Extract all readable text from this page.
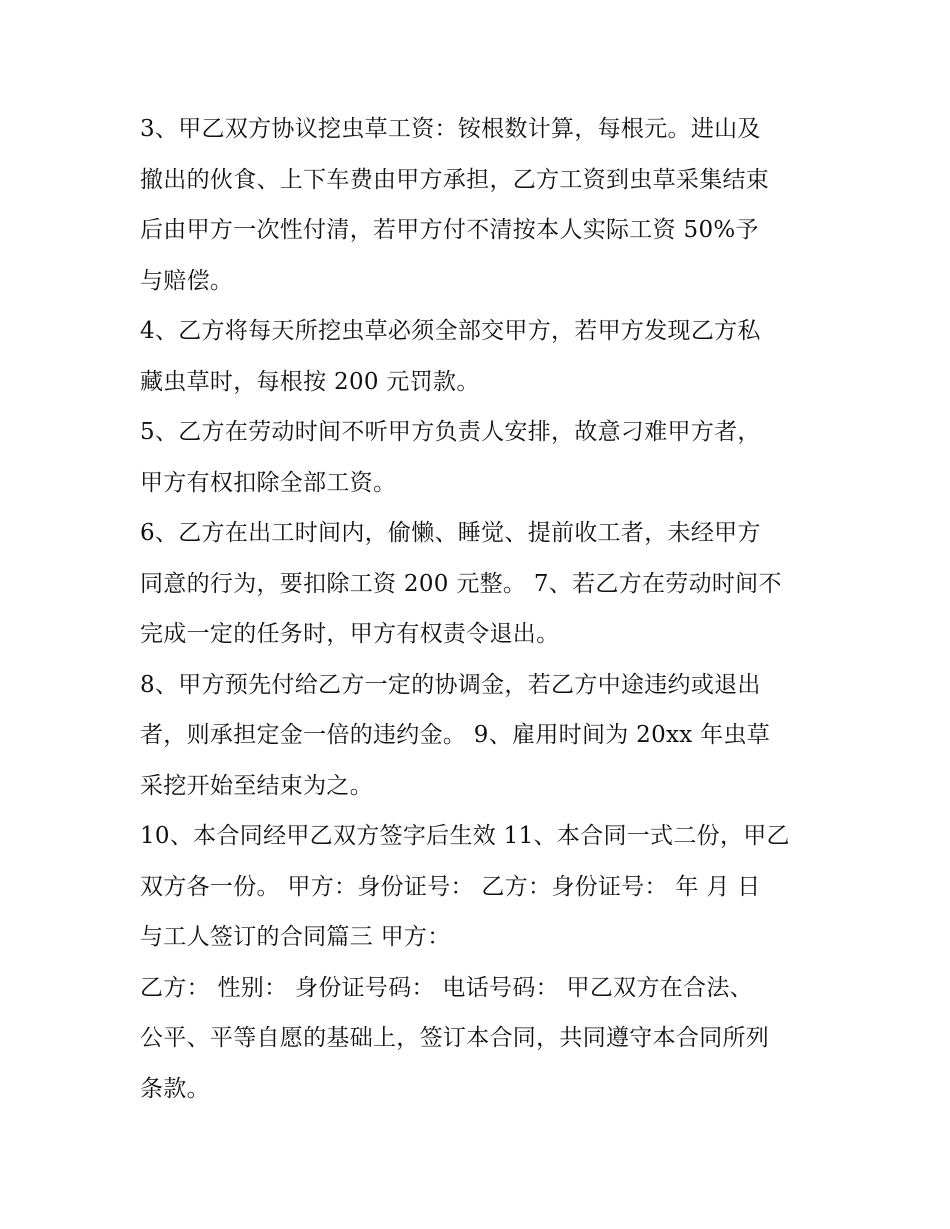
3、甲乙双方协议挖虫草工资：铵根数计算，每根元。进山及
撤出的伙食、上下车费由甲方承担，乙方工资到虫草采集结束
后由甲方一次性付清，若甲方付不清按本人实际工资 50%予
与赔偿。
4、乙方将每天所挖虫草必须全部交甲方，若甲方发现乙方私
藏虫草时，每根按 200 元罚款。
5、乙方在劳动时间不听甲方负责人安排，故意刁难甲方者，
甲方有权扣除全部工资。
6、乙方在出工时间内，偷懒、睡觉、提前收工者，未经甲方
同意的行为，要扣除工资 200 元整。 7、若乙方在劳动时间不
完成一定的任务时，甲方有权责令退出。
8、甲方预先付给乙方一定的协调金，若乙方中途违约或退出
者，则承担定金一倍的违约金。 9、雇用时间为 20xx 年虫草
采挖开始至结束为之。
10、本合同经甲乙双方签字后生效 11、本合同一式二份，甲乙
双方各一份。 甲方：身份证号： 乙方：身份证号： 年 月 日
与工人签订的合同篇三 甲方：
乙方： 性别： 身份证号码： 电话号码： 甲乙双方在合法、
公平、平等自愿的基础上，签订本合同，共同遵守本合同所列
条款。
